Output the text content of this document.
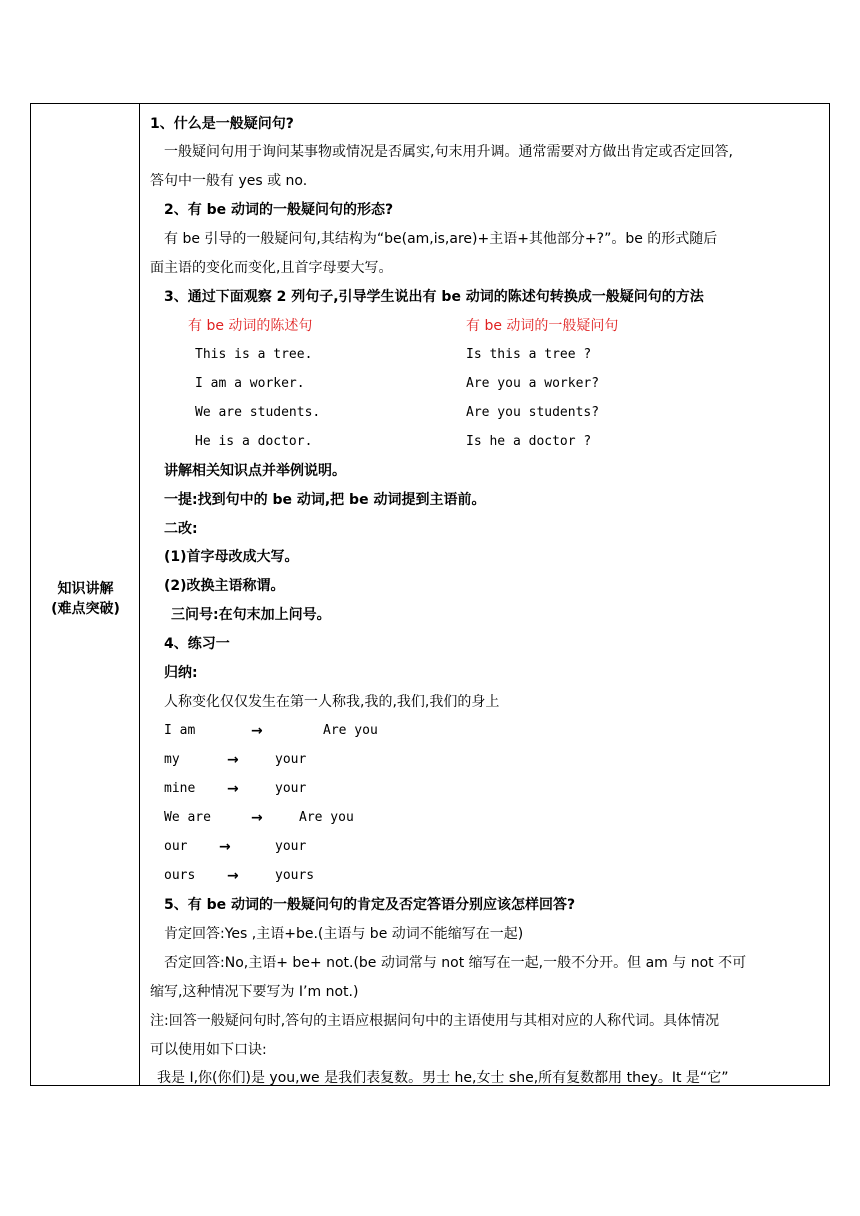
知识讲解
(难点突破)
1、什么是一般疑问句?
一般疑问句用于询问某事物或情况是否属实,句末用升调。通常需要对方做出肯定或否定回答,
答句中一般有 yes 或 no.
2、有 be 动词的一般疑问句的形态?
有 be 引导的一般疑问句,其结构为“be(am,is,are)+主语+其他部分+?”。be 的形式随后
面主语的变化而变化,且首字母要大写。
3、通过下面观察 2 列句子,引导学生说出有 be 动词的陈述句转换成一般疑问句的方法
有 be 动词的陈述句	有 be 动词的一般疑问句
This is a tree.	Is this a tree ?
I am a worker.	Are you a worker?
We are students.	Are you students?
He is a doctor.	Is he a doctor ?
讲解相关知识点并举例说明。
一提:找到句中的 be 动词,把 be 动词提到主语前。
二改:
(1)首字母改成大写。
(2)改换主语称谓。
三问号:在句末加上问号。
4、练习一
归纳:
人称变化仅仅发生在第一人称我,我的,我们,我们的身上
I am	→	Are you
my	→	your
mine	→	your
We are	→	Are you
our	→	your
ours	→	yours
5、有 be 动词的一般疑问句的肯定及否定答语分别应该怎样回答?
肯定回答:Yes ,主语+be.(主语与 be 动词不能缩写在一起)
否定回答:No,主语+ be+ not.(be 动词常与 not 缩写在一起,一般不分开。但 am 与 not 不可
缩写,这种情况下要写为 I’m not.)
注:回答一般疑问句时,答句的主语应根据问句中的主语使用与其相对应的人称代词。具体情况
可以使用如下口诀:
我是 I,你(你们)是 you,we 是我们表复数。男士 he,女士 she,所有复数都用 they。It 是“它”
